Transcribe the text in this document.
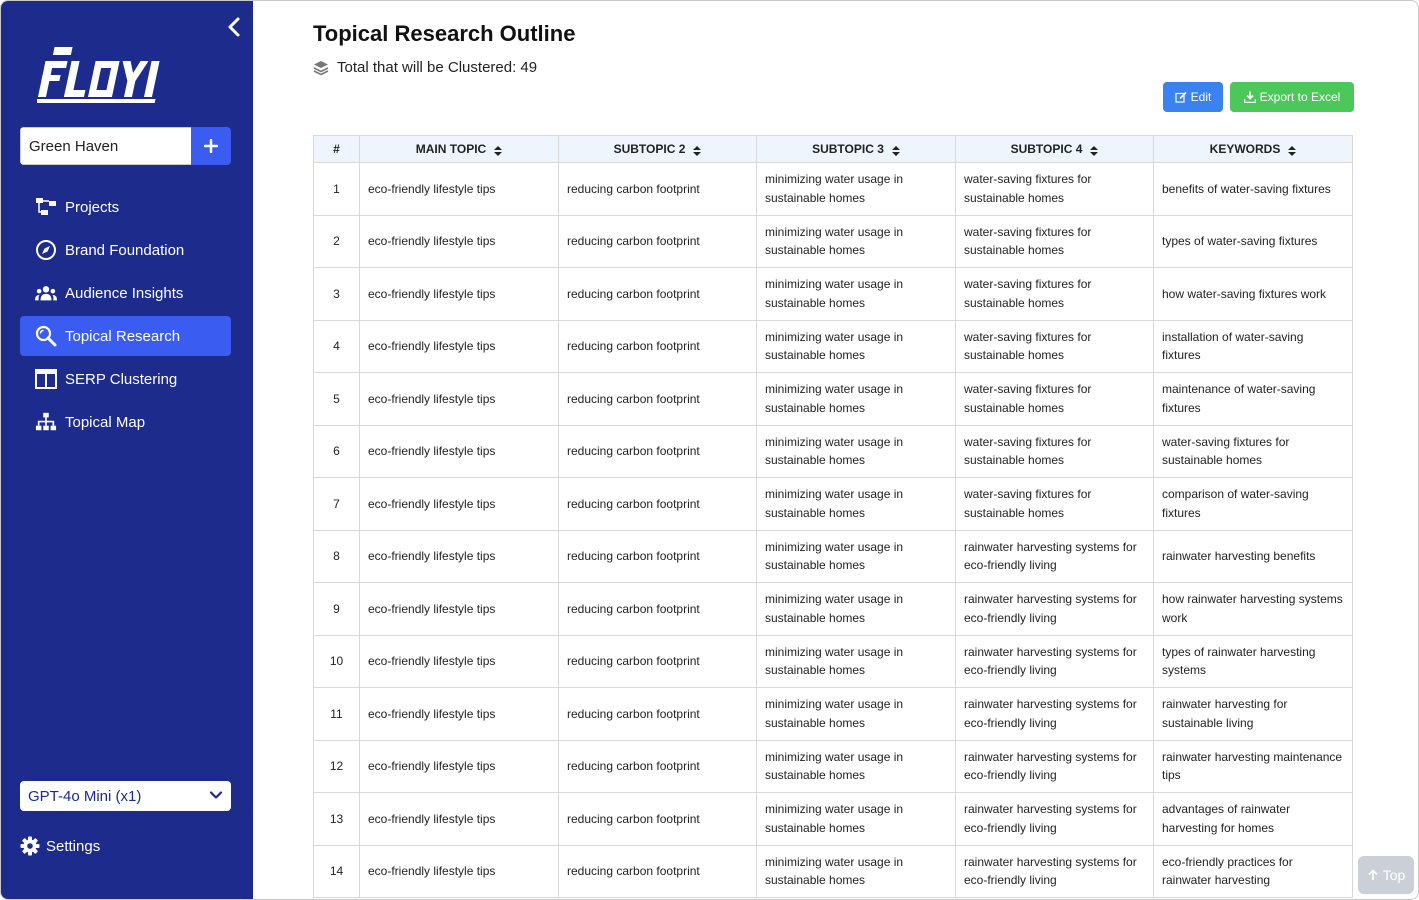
Green Haven
Projects
Brand Foundation
Audience Insights
Topical Research
SERP Clustering
Topical Map
GPT-4o Mini (x1)
Settings
Topical Research Outline
Total that will be Clustered: 49
Edit	Export to Excel
#	MAIN TOPIC	SUBTOPIC 2	SUBTOPIC 3	SUBTOPIC 4	KEYWORDS
1	eco-friendly lifestyle tips	reducing carbon footprint	minimizing water usage in sustainable homes	water-saving fixtures for sustainable homes	benefits of water-saving fixtures
2	eco-friendly lifestyle tips	reducing carbon footprint	minimizing water usage in sustainable homes	water-saving fixtures for sustainable homes	types of water-saving fixtures
3	eco-friendly lifestyle tips	reducing carbon footprint	minimizing water usage in sustainable homes	water-saving fixtures for sustainable homes	how water-saving fixtures work
4	eco-friendly lifestyle tips	reducing carbon footprint	minimizing water usage in sustainable homes	water-saving fixtures for sustainable homes	installation of water-saving fixtures
5	eco-friendly lifestyle tips	reducing carbon footprint	minimizing water usage in sustainable homes	water-saving fixtures for sustainable homes	maintenance of water-saving fixtures
6	eco-friendly lifestyle tips	reducing carbon footprint	minimizing water usage in sustainable homes	water-saving fixtures for sustainable homes	water-saving fixtures for sustainable homes
7	eco-friendly lifestyle tips	reducing carbon footprint	minimizing water usage in sustainable homes	water-saving fixtures for sustainable homes	comparison of water-saving fixtures
8	eco-friendly lifestyle tips	reducing carbon footprint	minimizing water usage in sustainable homes	rainwater harvesting systems for eco-friendly living	rainwater harvesting benefits
9	eco-friendly lifestyle tips	reducing carbon footprint	minimizing water usage in sustainable homes	rainwater harvesting systems for eco-friendly living	how rainwater harvesting systems work
10	eco-friendly lifestyle tips	reducing carbon footprint	minimizing water usage in sustainable homes	rainwater harvesting systems for eco-friendly living	types of rainwater harvesting systems
11	eco-friendly lifestyle tips	reducing carbon footprint	minimizing water usage in sustainable homes	rainwater harvesting systems for eco-friendly living	rainwater harvesting for sustainable living
12	eco-friendly lifestyle tips	reducing carbon footprint	minimizing water usage in sustainable homes	rainwater harvesting systems for eco-friendly living	rainwater harvesting maintenance tips
13	eco-friendly lifestyle tips	reducing carbon footprint	minimizing water usage in sustainable homes	rainwater harvesting systems for eco-friendly living	advantages of rainwater harvesting for homes
14	eco-friendly lifestyle tips	reducing carbon footprint	minimizing water usage in sustainable homes	rainwater harvesting systems for eco-friendly living	eco-friendly practices for rainwater harvesting	Top
